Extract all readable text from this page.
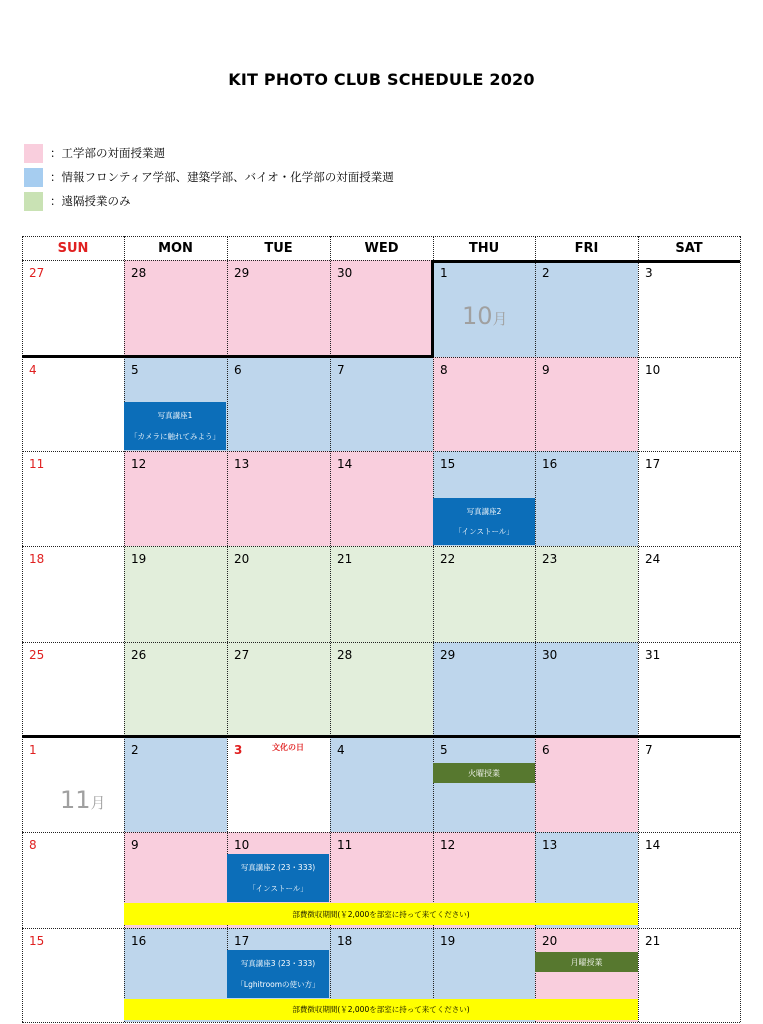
KIT PHOTO CLUB SCHEDULE 2020
：工学部の対面授業週
：情報フロンティア学部、建築学部、バイオ・化学部の対面授業週
：遠隔授業のみ
SUN	MON	TUE	WED	THU	FRI	SAT
27	28	29	30	1	2	3
4	5	6	7	8	9	10
11	12	13	14	15	16	17
18	19	20	21	22	23	24
25	26	27	28	29	30	31
1	2	3	4	5	6	7
8	9	10	11	12	13	14
15	16	17	18	19	20	21
10月
11月
写真講座1
「カメラに触れてみよう」
写真講座2
「インストール」
写真講座2 (23・333)
「インストール」
写真講座3 (23・333)
「Lghitroomの使い方」
火曜授業
月曜授業
部費徴収期間(￥2,000を部室に持って来てください)
部費徴収期間(￥2,000を部室に持って来てください)
文化の日
